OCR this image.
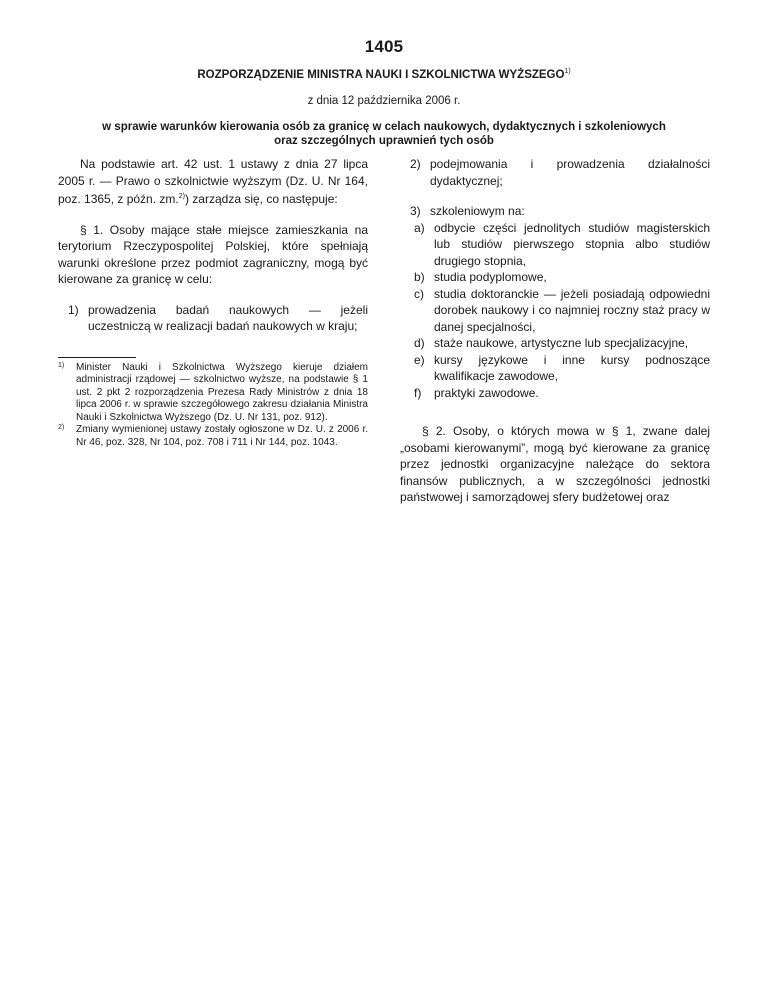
1405
ROZPORZĄDZENIE MINISTRA NAUKI I SZKOLNICTWA WYŻSZEGO$^{1)}$
z dnia 12 października 2006 r.
w sprawie warunków kierowania osób za granicę w celach naukowych, dydaktycznych i szkoleniowych
oraz szczególnych uprawnień tych osób

Na podstawie art. 42 ust. 1 ustawy z dnia 27 lipca 2005 r. — Prawo o szkolnictwie wyższym (Dz. U. Nr 164, poz. 1365, z późn. zm.$^{2)}$) zarządza się, co następuje:

§ 1. Osoby mające stałe miejsce zamieszkania na terytorium Rzeczypospolitej Polskiej, które spełniają warunki określone przez podmiot zagraniczny, mogą być kierowane za granicę w celu:

1) prowadzenia badań naukowych — jeżeli uczestniczą w realizacji badań naukowych w kraju;

1) Minister Nauki i Szkolnictwa Wyższego kieruje działem administracji rządowej — szkolnictwo wyższe, na podstawie § 1 ust. 2 pkt 2 rozporządzenia Prezesa Rady Ministrów z dnia 18 lipca 2006 r. w sprawie szczegółowego zakresu działania Ministra Nauki i Szkolnictwa Wyższego (Dz. U. Nr 131, poz. 912).

2) Zmiany wymienionej ustawy zostały ogłoszone w Dz. U. z 2006 r. Nr 46, poz. 328, Nr 104, poz. 708 i 711 i Nr 144, poz. 1043.

2) podejmowania i prowadzenia działalności dydaktycznej;

3) szkoleniowym na:

a) odbycie części jednolitych studiów magisterskich lub studiów pierwszego stopnia albo studiów drugiego stopnia,

b) studia podyplomowe,

c) studia doktoranckie — jeżeli posiadają odpowiedni dorobek naukowy i co najmniej roczny staż pracy w danej specjalności,

d) staże naukowe, artystyczne lub specjalizacyjne,

e) kursy językowe i inne kursy podnoszące kwalifikacje zawodowe,

f) praktyki zawodowe.

§ 2. Osoby, o których mowa w § 1, zwane dalej „osobami kierowanymi”, mogą być kierowane za granicę przez jednostki organizacyjne należące do sektora finansów publicznych, a w szczególności jednostki państwowej i samorządowej sfery budżetowej oraz
